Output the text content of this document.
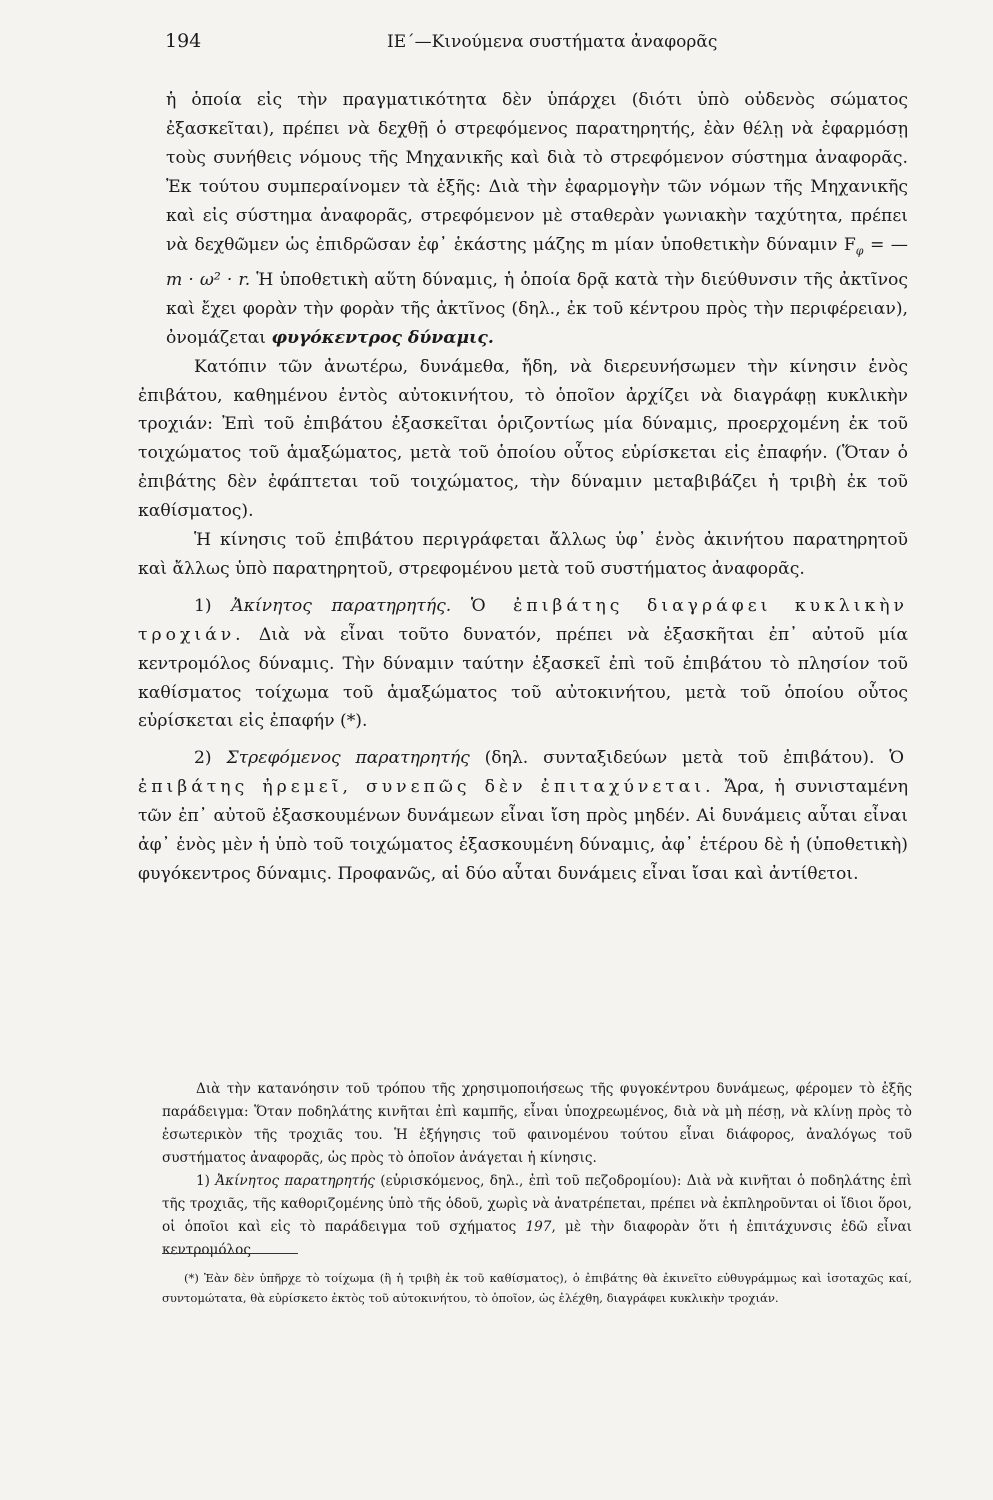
194	ΙΕ΄—Κινούμενα συστήματα ἀναφορᾶς

ἡ ὁποία εἰς τὴν πραγματικότητα δὲν ὑπάρχει (διότι ὑπὸ οὐδενὸς σώματος ἐξασκεῖται), πρέπει νὰ δεχθῇ ὁ στρεφόμενος παρατηρητής, ἐὰν θέλῃ νὰ ἐφαρμόσῃ τοὺς συνήθεις νόμους τῆς Μηχανικῆς καὶ διὰ τὸ στρεφόμενον σύστημα ἀναφορᾶς. Ἐκ τούτου συμπεραίνομεν τὰ ἑξῆς: Διὰ τὴν ἐφαρμογὴν τῶν νόμων τῆς Μηχανικῆς καὶ εἰς σύστημα ἀναφορᾶς, στρεφόμενον μὲ σταθερὰν γωνιακὴν ταχύτητα, πρέπει νὰ δεχθῶμεν ὡς ἐπιδρῶσαν ἐφ᾽ ἑκάστης μάζης m μίαν ὑποθετικὴν δύναμιν $F_\varphi$ = — m · ω² · r. Ἡ ὑποθετικὴ αὕτη δύναμις, ἡ ὁποία δρᾷ κατὰ τὴν διεύθυνσιν τῆς ἀκτῖνος καὶ ἔχει φορὰν τὴν φορὰν τῆς ἀκτῖνος (δηλ., ἐκ τοῦ κέντρου πρὸς τὴν περιφέρειαν), ὀνομάζεται φυγόκεντρος δύναμις.

Κατόπιν τῶν ἀνωτέρω, δυνάμεθα, ἤδη, νὰ διερευνήσωμεν τὴν κίνησιν ἑνὸς ἐπιβάτου, καθημένου ἐντὸς αὐτοκινήτου, τὸ ὁποῖον ἀρχίζει νὰ διαγράφῃ κυκλικὴν τροχιάν: Ἐπὶ τοῦ ἐπιβάτου ἐξασκεῖται ὁριζοντίως μία δύναμις, προερχομένη ἐκ τοῦ τοιχώματος τοῦ ἁμαξώματος, μετὰ τοῦ ὁποίου οὗτος εὑρίσκεται εἰς ἐπαφήν. (Ὅταν ὁ ἐπιβάτης δὲν ἐφάπτεται τοῦ τοιχώματος, τὴν δύναμιν μεταβιβάζει ἡ τριβὴ ἐκ τοῦ καθίσματος).

Ἡ κίνησις τοῦ ἐπιβάτου περιγράφεται ἄλλως ὑφ᾽ ἑνὸς ἀκινήτου παρατηρητοῦ καὶ ἄλλως ὑπὸ παρατηρητοῦ, στρεφομένου μετὰ τοῦ συστήματος ἀναφορᾶς.

1) Ἀκίνητος παρατηρητής. Ὁ ἐπιβάτης διαγράφει κυκλικὴν τροχιάν. Διὰ νὰ εἶναι τοῦτο δυνατόν, πρέπει νὰ ἐξασκῆται ἐπ᾽ αὐτοῦ μία κεντρομόλος δύναμις. Τὴν δύναμιν ταύτην ἐξασκεῖ ἐπὶ τοῦ ἐπιβάτου τὸ πλησίον τοῦ καθίσματος τοίχωμα τοῦ ἁμαξώματος τοῦ αὐτοκινήτου, μετὰ τοῦ ὁποίου οὗτος εὑρίσκεται εἰς ἐπαφήν (*).

2) Στρεφόμενος παρατηρητής (δηλ. συνταξιδεύων μετὰ τοῦ ἐπιβάτου). Ὁ ἐπιβάτης ἠρεμεῖ, συνεπῶς δὲν ἐπιταχύνεται. Ἄρα, ἡ συνισταμένη τῶν ἐπ᾽ αὐτοῦ ἐξασκουμένων δυνάμεων εἶναι ἴση πρὸς μηδέν. Αἱ δυνάμεις αὗται εἶναι ἀφ᾽ ἑνὸς μὲν ἡ ὑπὸ τοῦ τοιχώματος ἐξασκουμένη δύναμις, ἀφ᾽ ἑτέρου δὲ ἡ (ὑποθετικὴ) φυγόκεντρος δύναμις. Προφανῶς, αἱ δύο αὗται δυνάμεις εἶναι ἴσαι καὶ ἀντίθετοι.

Διὰ τὴν κατανόησιν τοῦ τρόπου τῆς χρησιμοποιήσεως τῆς φυγοκέντρου δυνάμεως, φέρομεν τὸ ἑξῆς παράδειγμα: Ὅταν ποδηλάτης κινῆται ἐπὶ καμπῆς, εἶναι ὑποχρεωμένος, διὰ νὰ μὴ πέσῃ, νὰ κλίνῃ πρὸς τὸ ἐσωτερικὸν τῆς τροχιᾶς του. Ἡ ἐξήγησις τοῦ φαινομένου τούτου εἶναι διάφορος, ἀναλόγως τοῦ συστήματος ἀναφορᾶς, ὡς πρὸς τὸ ὁποῖον ἀνάγεται ἡ κίνησις.

1) Ἀκίνητος παρατηρητής (εὑρισκόμενος, δηλ., ἐπὶ τοῦ πεζοδρομίου): Διὰ νὰ κινῆται ὁ ποδηλάτης ἐπὶ τῆς τροχιᾶς, τῆς καθοριζομένης ὑπὸ τῆς ὁδοῦ, χωρὶς νὰ ἀνατρέπεται, πρέπει νὰ ἐκπληροῦνται οἱ ἴδιοι ὅροι, οἱ ὁποῖοι καὶ εἰς τὸ παράδειγμα τοῦ σχήματος 197, μὲ τὴν διαφορὰν ὅτι ἡ ἐπιτάχυνσις ἐδῶ εἶναι κεντρομόλος

(*) Ἐὰν δὲν ὑπῆρχε τὸ τοίχωμα (ἢ ἡ τριβὴ ἐκ τοῦ καθίσματος), ὁ ἐπιβάτης θὰ ἐκινεῖτο εὐθυγράμμως καὶ ἰσοταχῶς καί, συντομώτατα, θὰ εὑρίσκετο ἐκτὸς τοῦ αὐτοκινήτου, τὸ ὁποῖον, ὡς ἐλέχθη, διαγράφει κυκλικὴν τροχιάν.
